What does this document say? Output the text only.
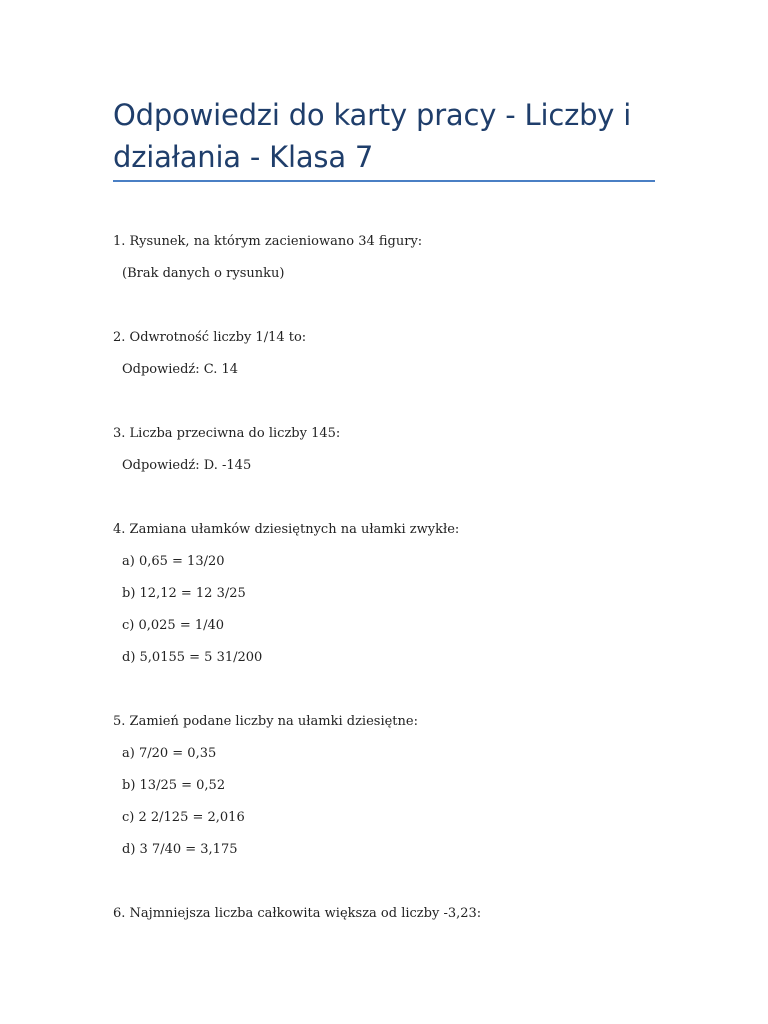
Odpowiedzi do karty pracy - Liczby i działania - Klasa 7
1. Rysunek, na którym zacieniowano 34 figury:
(Brak danych o rysunku)
2. Odwrotność liczby 1/14 to:
Odpowiedź: C. 14
3. Liczba przeciwna do liczby 145:
Odpowiedź: D. -145
4. Zamiana ułamków dziesiętnych na ułamki zwykłe:
a) 0,65 = 13/20
b) 12,12 = 12 3/25
c) 0,025 = 1/40
d) 5,0155 = 5 31/200
5. Zamień podane liczby na ułamki dziesiętne:
a) 7/20 = 0,35
b) 13/25 = 0,52
c) 2 2/125 = 2,016
d) 3 7/40 = 3,175
6. Najmniejsza liczba całkowita większa od liczby -3,23:
